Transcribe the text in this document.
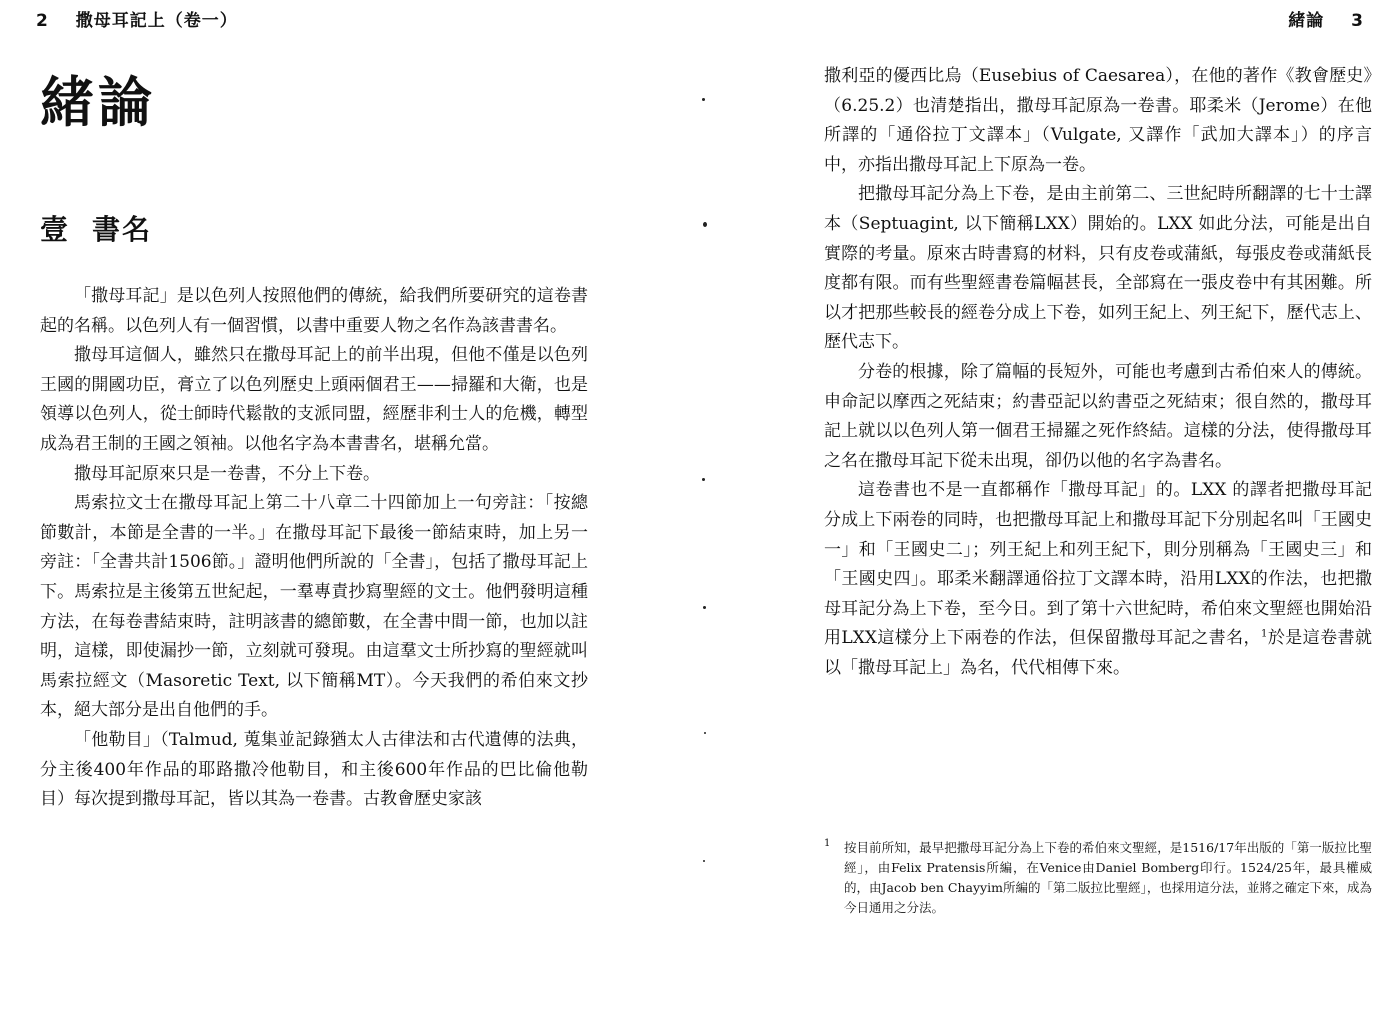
2 撒母耳記上（卷一）
緒論
壹 書名

「撒母耳記」是以色列人按照他們的傳統，給我們所要研究的這卷書起的名稱。以色列人有一個習慣，以書中重要人物之名作為該書書名。

撒母耳這個人，雖然只在撒母耳記上的前半出現，但他不僅是以色列王國的開國功臣，膏立了以色列歷史上頭兩個君王——掃羅和大衛，也是領導以色列人，從士師時代鬆散的支派同盟，經歷非利士人的危機，轉型成為君王制的王國之領袖。以他名字為本書書名，堪稱允當。

撒母耳記原來只是一卷書，不分上下卷。

馬索拉文士在撒母耳記上第二十八章二十四節加上一句旁註：「按總節數計，本節是全書的一半。」在撒母耳記下最後一節結束時，加上另一旁註：「全書共計1506節。」證明他們所說的「全書」，包括了撒母耳記上下。馬索拉是主後第五世紀起，一羣專責抄寫聖經的文士。他們發明這種方法，在每卷書結束時，註明該書的總節數，在全書中間一節，也加以註明，這樣，即使漏抄一節，立刻就可發現。由這羣文士所抄寫的聖經就叫馬索拉經文（Masoretic Text, 以下簡稱MT）。今天我們的希伯來文抄本，絕大部分是出自他們的手。

「他勒目」（Talmud, 蒐集並記錄猶太人古律法和古代遺傳的法典，分主後400年作品的耶路撒冷他勒目，和主後600年作品的巴比倫他勒目）每次提到撒母耳記，皆以其為一卷書。古教會歷史家該

緒論 3

撒利亞的優西比烏（Eusebius of Caesarea），在他的著作《教會歷史》（6.25.2）也清楚指出，撒母耳記原為一卷書。耶柔米（Jerome）在他所譯的「通俗拉丁文譯本」（Vulgate, 又譯作「武加大譯本」）的序言中，亦指出撒母耳記上下原為一卷。

把撒母耳記分為上下卷，是由主前第二、三世紀時所翻譯的七十士譯本（Septuagint, 以下簡稱LXX）開始的。LXX 如此分法，可能是出自實際的考量。原來古時書寫的材料，只有皮卷或蒲紙，每張皮卷或蒲紙長度都有限。而有些聖經書卷篇幅甚長，全部寫在一張皮卷中有其困難。所以才把那些較長的經卷分成上下卷，如列王紀上、列王紀下，歷代志上、歷代志下。

分卷的根據，除了篇幅的長短外，可能也考慮到古希伯來人的傳統。申命記以摩西之死結束；約書亞記以約書亞之死結束；很自然的，撒母耳記上就以以色列人第一個君王掃羅之死作終結。這樣的分法，使得撒母耳之名在撒母耳記下從未出現，卻仍以他的名字為書名。

這卷書也不是一直都稱作「撒母耳記」的。LXX 的譯者把撒母耳記分成上下兩卷的同時，也把撒母耳記上和撒母耳記下分別起名叫「王國史一」和「王國史二」；列王紀上和列王紀下，則分別稱為「王國史三」和「王國史四」。耶柔米翻譯通俗拉丁文譯本時，沿用LXX的作法，也把撒母耳記分為上下卷，至今日。到了第十六世紀時，希伯來文聖經也開始沿用LXX這樣分上下兩卷的作法，但保留撒母耳記之書名，$^1$於是這卷書就以「撒母耳記上」為名，代代相傳下來。

1 按目前所知，最早把撒母耳記分為上下卷的希伯來文聖經，是1516/17年出版的「第一版拉比聖經」，由Felix Pratensis所編，在Venice由Daniel Bomberg印行。1524/25年，最具權威的，由Jacob ben Chayyim所編的「第二版拉比聖經」，也採用這分法，並將之確定下來，成為今日通用之分法。
